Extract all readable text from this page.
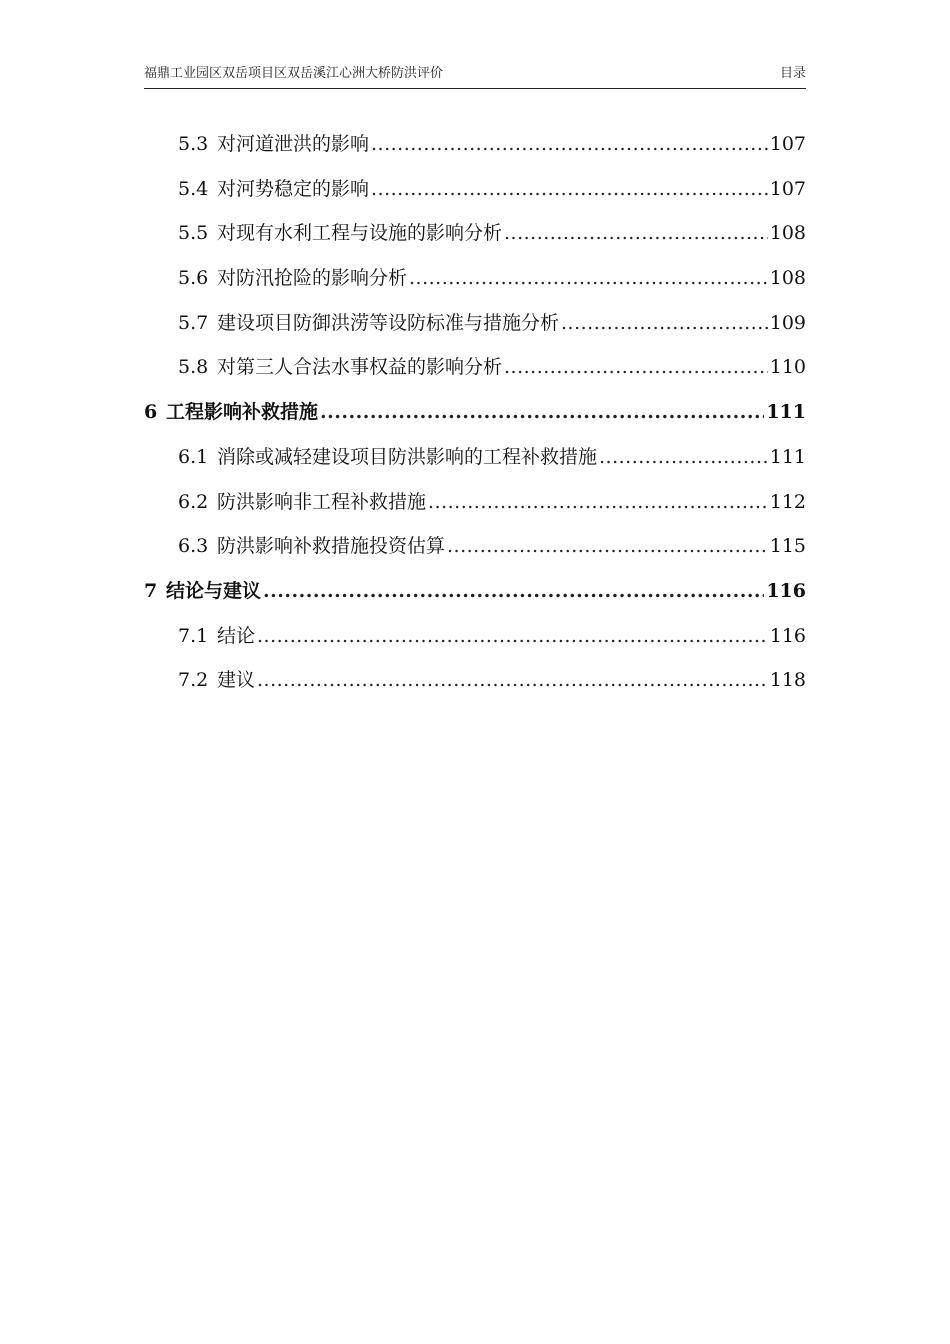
福鼎工业园区双岳项目区双岳溪江心洲大桥防洪评价	目录
5.3 对河道泄洪的影响 .....	107
5.4 对河势稳定的影响 .....	107
5.5 对现有水利工程与设施的影响分析 .....	108
5.6 对防汛抢险的影响分析 .....	108
5.7 建设项目防御洪涝等设防标准与措施分析 .....	109
5.8 对第三人合法水事权益的影响分析 .....	110
6 工程影响补救措施 .....	111
6.1 消除或减轻建设项目防洪影响的工程补救措施 .....	111
6.2 防洪影响非工程补救措施 .....	112
6.3 防洪影响补救措施投资估算 .....	115
7 结论与建议 .....	116
7.1 结论 .....	116
7.2 建议 .....	118
